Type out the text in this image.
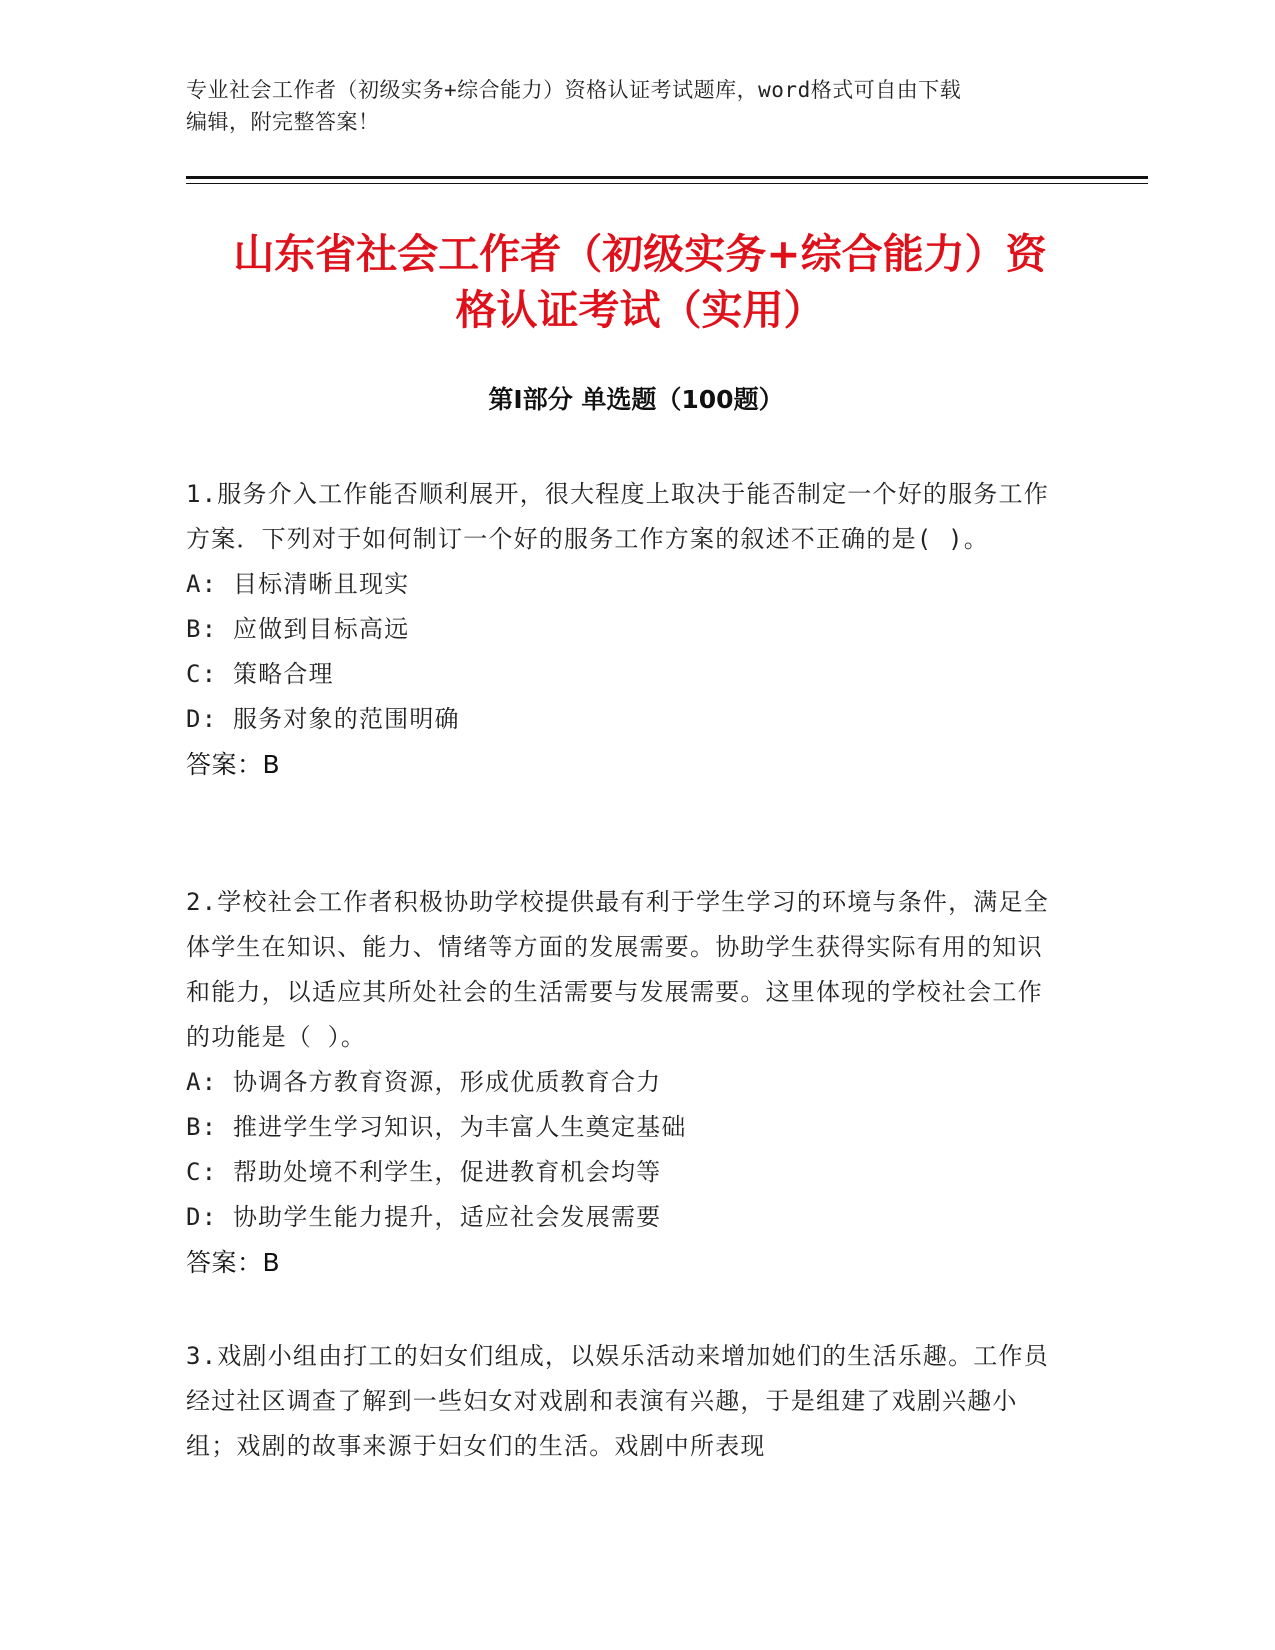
专业社会工作者（初级实务+综合能力）资格认证考试题库，word格式可自由下载
编辑，附完整答案！
山东省社会工作者（初级实务+综合能力）资
格认证考试（实用）
第Ⅰ部分 单选题（100题）

1.服务介入工作能否顺利展开，很大程度上取决于能否制定一个好的服务工作方案．下列对于如何制订一个好的服务工作方案的叙述不正确的是( )。

A: 目标清晰且现实

B: 应做到目标高远

C: 策略合理

D: 服务对象的范围明确

答案：B

2.学校社会工作者积极协助学校提供最有利于学生学习的环境与条件，满足全体学生在知识、能力、情绪等方面的发展需要。协助学生获得实际有用的知识和能力，以适应其所处社会的生活需要与发展需要。这里体现的学校社会工作的功能是（ ）。

A: 协调各方教育资源，形成优质教育合力

B: 推进学生学习知识，为丰富人生奠定基础

C: 帮助处境不利学生，促进教育机会均等

D: 协助学生能力提升，适应社会发展需要

答案：B

3.戏剧小组由打工的妇女们组成，以娱乐活动来增加她们的生活乐趣。工作员经过社区调查了解到一些妇女对戏剧和表演有兴趣，于是组建了戏剧兴趣小组；戏剧的故事来源于妇女们的生活。戏剧中所表现
